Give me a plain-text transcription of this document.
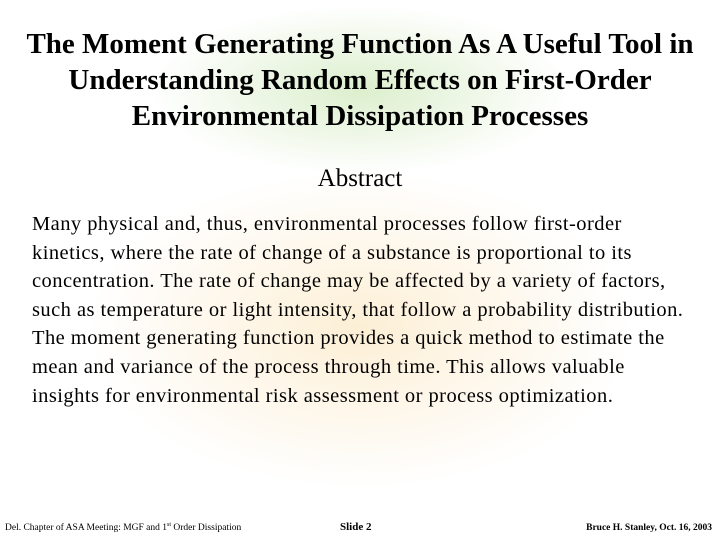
The Moment Generating Function As A Useful Tool in Understanding Random Effects on First-Order Environmental Dissipation Processes
Abstract

Many physical and, thus, environmental processes follow first-order kinetics, where the rate of change of a substance is proportional to its concentration. The rate of change may be affected by a variety of factors, such as temperature or light intensity, that follow a probability distribution. The moment generating function provides a quick method to estimate the mean and variance of the process through time. This allows valuable insights for environmental risk assessment or process optimization.

Del. Chapter of ASA Meeting: MGF and 1st Order Dissipation	Slide 2	Bruce H. Stanley, Oct. 16, 2003
